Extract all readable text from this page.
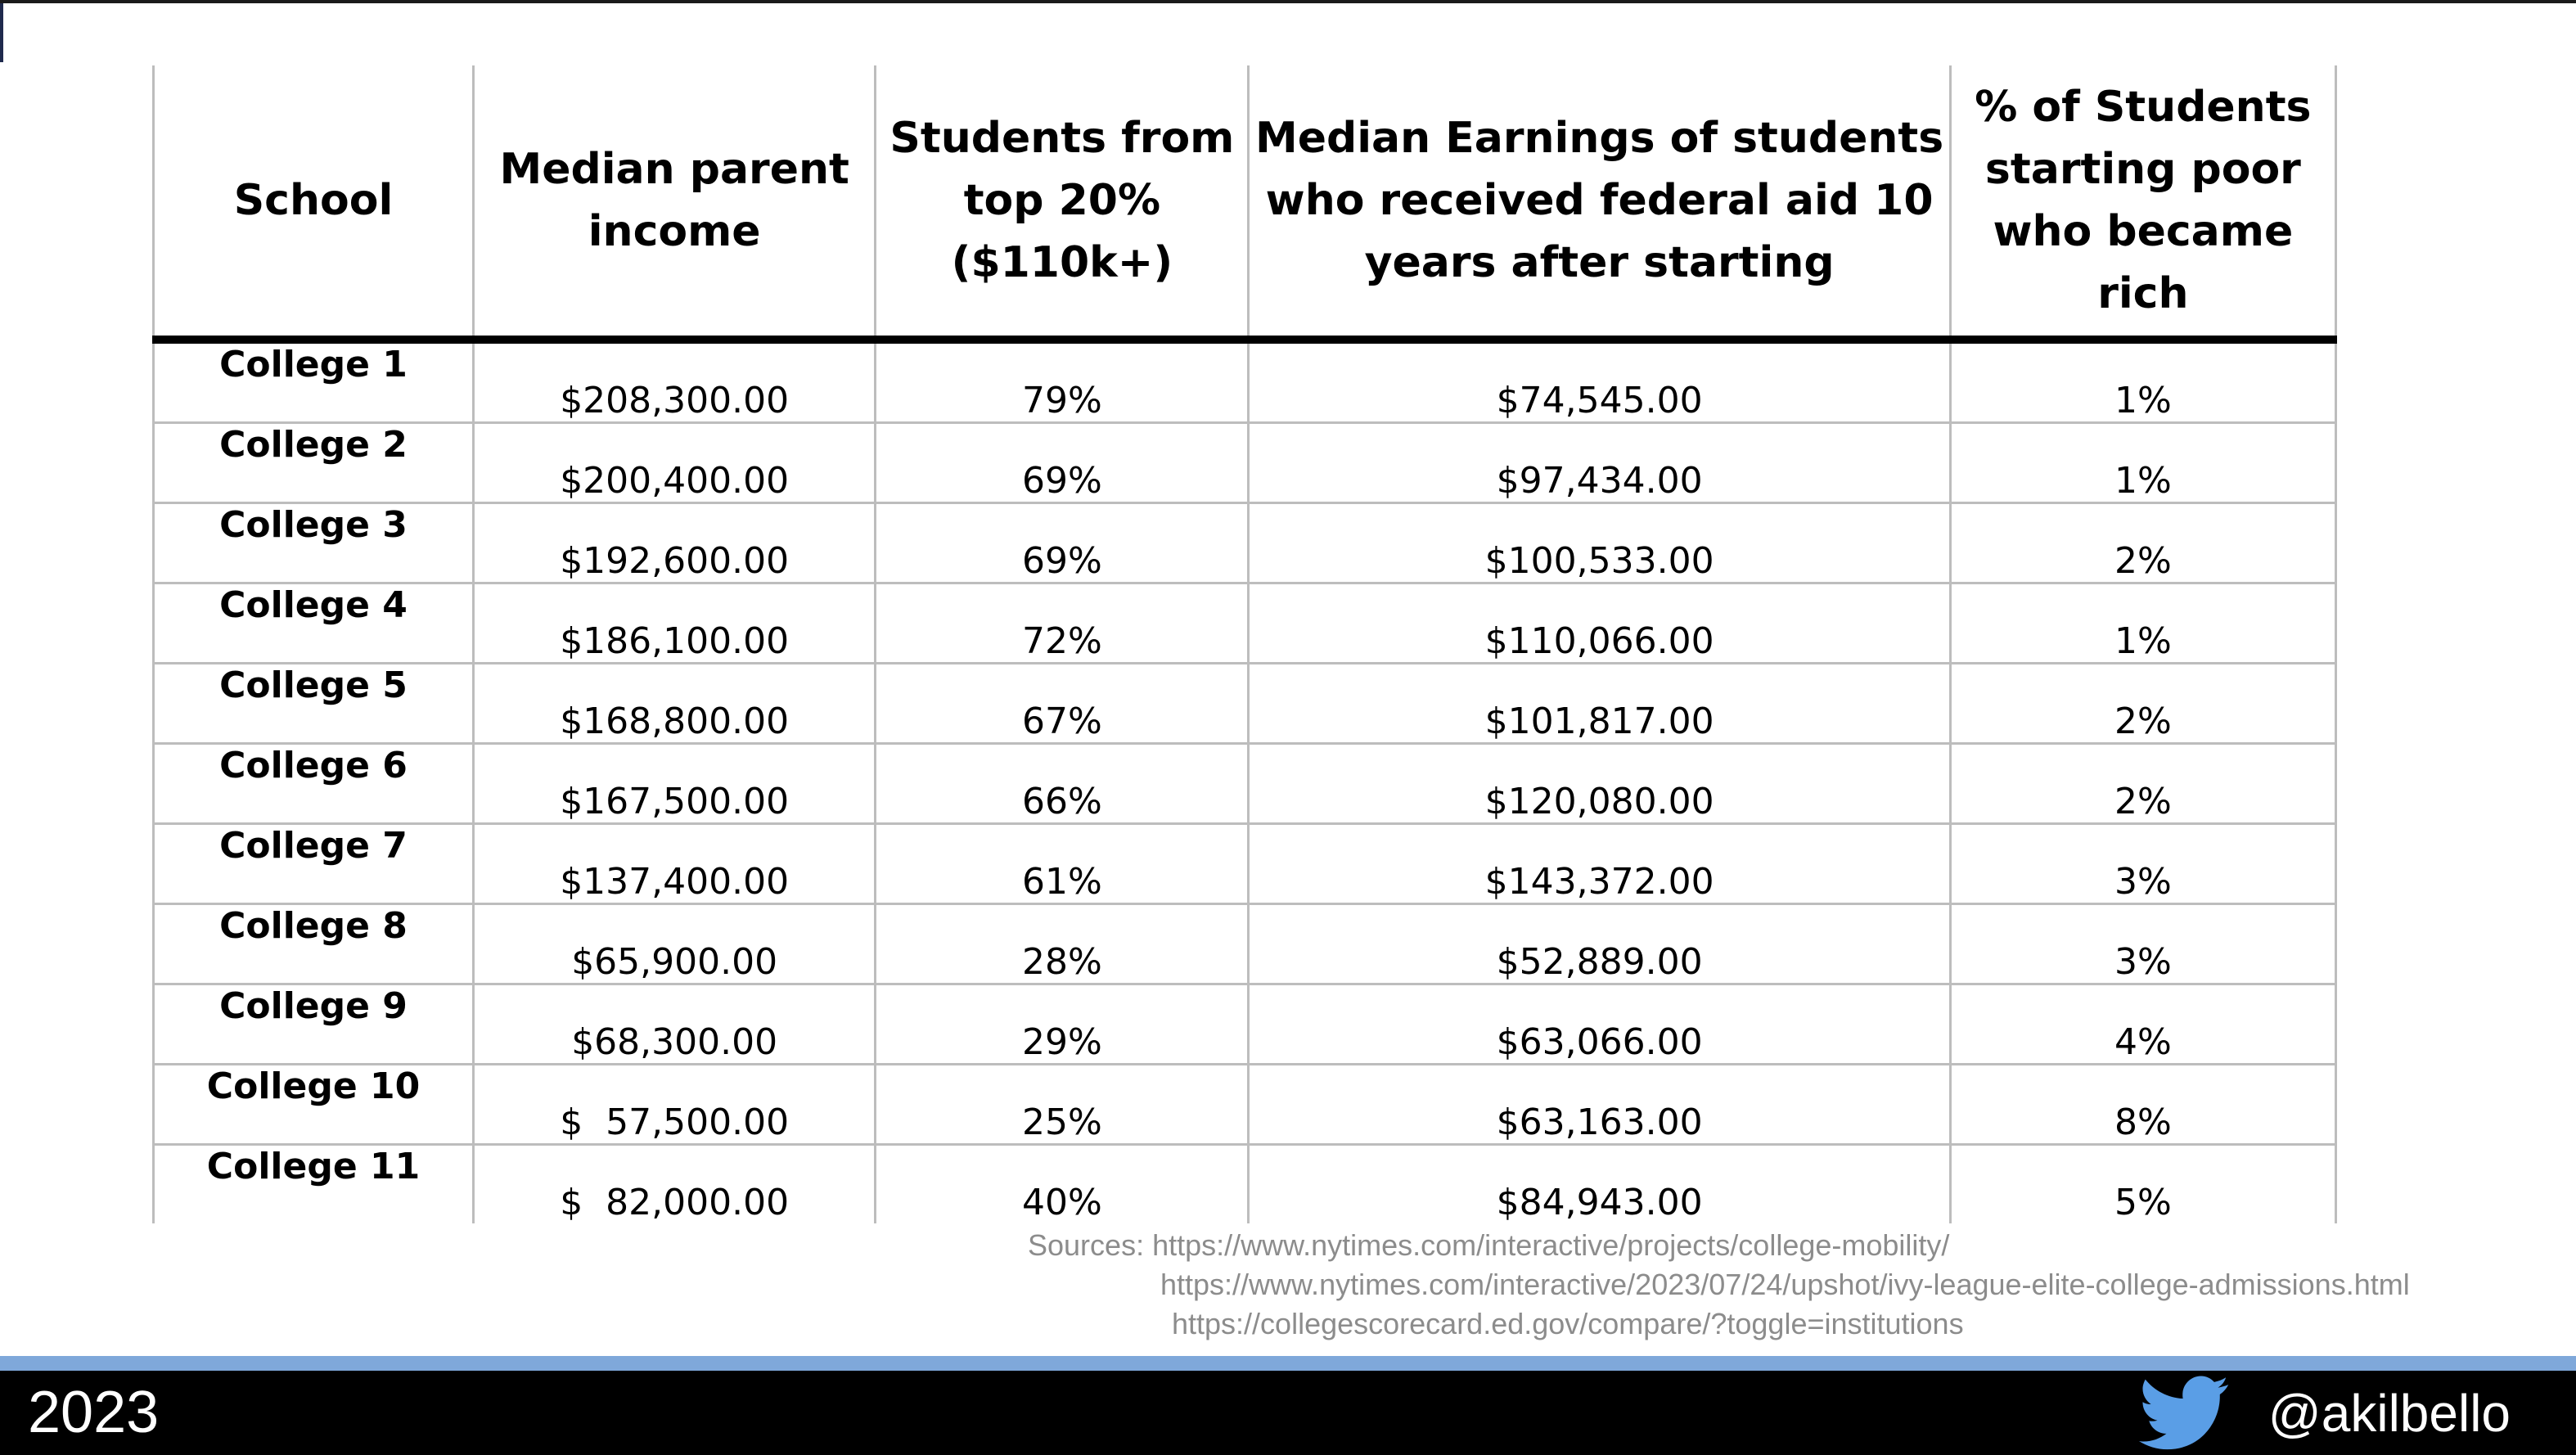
School	Median parent income	Students from top 20% ($110k+)	Median Earnings of students who received federal aid 10 years after starting	% of Students starting poor who became rich
College 1	$208,300.00	79%	$74,545.00	1%
College 2	$200,400.00	69%	$97,434.00	1%
College 3	$192,600.00	69%	$100,533.00	2%
College 4	$186,100.00	72%	$110,066.00	1%
College 5	$168,800.00	67%	$101,817.00	2%
College 6	$167,500.00	66%	$120,080.00	2%
College 7	$137,400.00	61%	$143,372.00	3%
College 8	$65,900.00	28%	$52,889.00	3%
College 9	$68,300.00	29%	$63,066.00	4%
College 10	$  57,500.00	25%	$63,163.00	8%
College 11	$  82,000.00	40%	$84,943.00	5%
Sources: https://www.nytimes.com/interactive/projects/college-mobility/
https://www.nytimes.com/interactive/2023/07/24/upshot/ivy-league-elite-college-admissions.html
https://collegescorecard.ed.gov/compare/?toggle=institutions
2023	@akilbello
